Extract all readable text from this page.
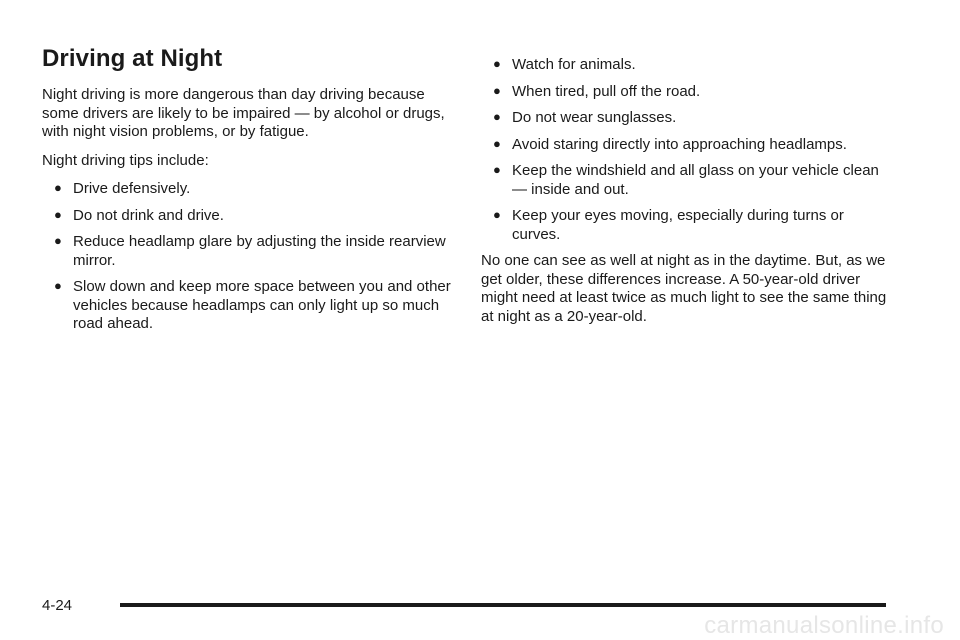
Driving at Night

Night driving is more dangerous than day driving because some drivers are likely to be impaired — by alcohol or drugs, with night vision problems, or by fatigue.

Night driving tips include:

● Drive defensively.
● Do not drink and drive.
● Reduce headlamp glare by adjusting the inside rearview mirror.
● Slow down and keep more space between you and other vehicles because headlamps can only light up so much road ahead.
● Watch for animals.
● When tired, pull off the road.
● Do not wear sunglasses.
● Avoid staring directly into approaching headlamps.
● Keep the windshield and all glass on your vehicle clean — inside and out.
● Keep your eyes moving, especially during turns or curves.

No one can see as well at night as in the daytime. But, as we get older, these differences increase. A 50-year-old driver might need at least twice as much light to see the same thing at night as a 20-year-old.

4-24
carmanualsonline.info
